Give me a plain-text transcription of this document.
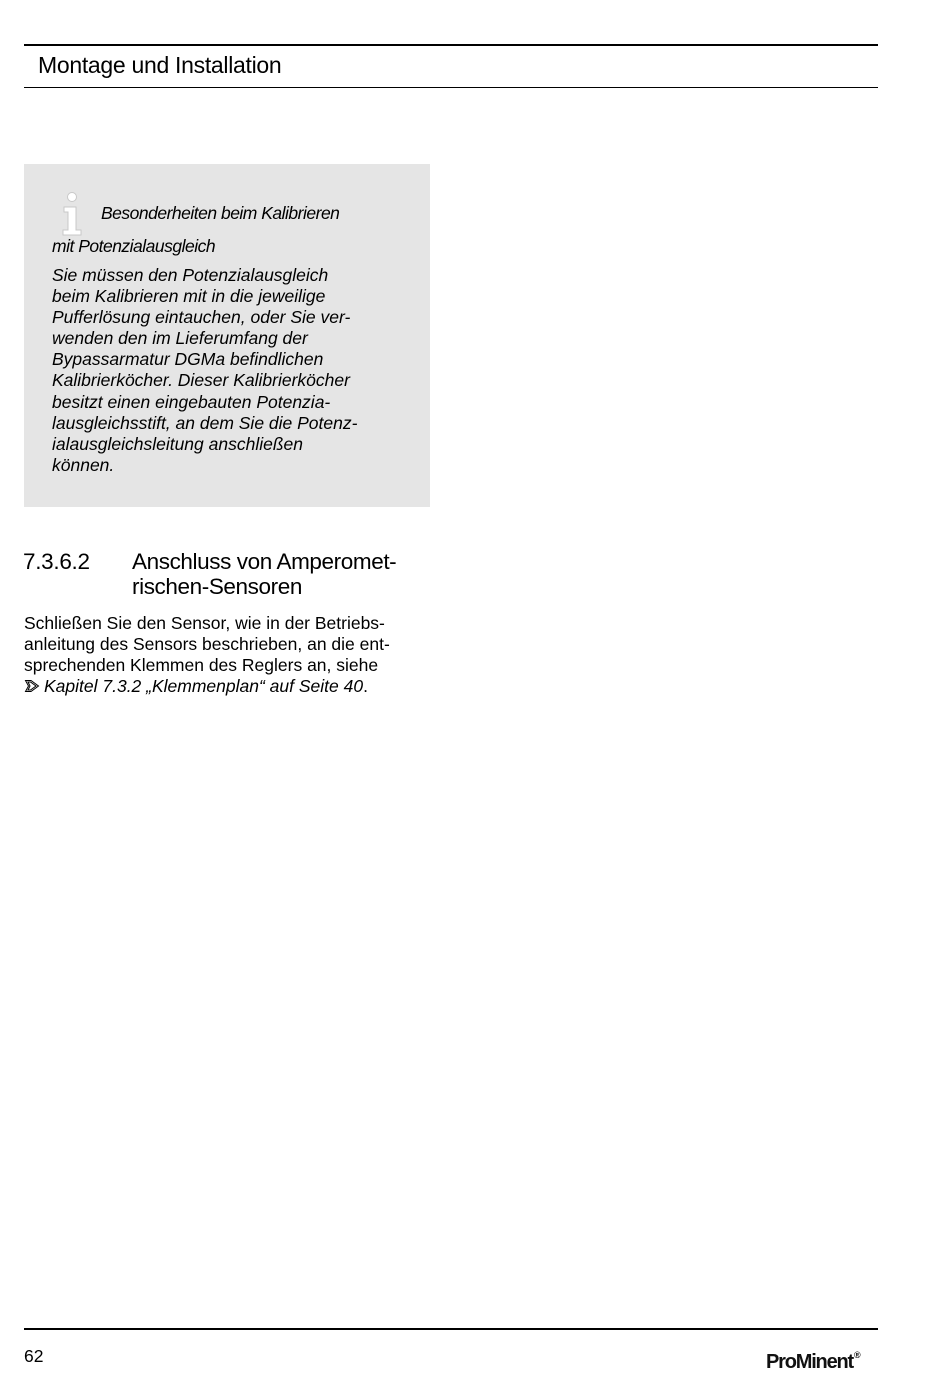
Montage und Installation
Besonderheiten beim Kalibrieren
mit Potenzialausgleich
Sie müssen den Potenzialausgleich
beim Kalibrieren mit in die jeweilige
Pufferlösung eintauchen, oder Sie ver-
wenden den im Lieferumfang der
Bypassarmatur DGMa befindlichen
Kalibrierköcher. Dieser Kalibrierköcher
besitzt einen eingebauten Potenzia-
lausgleichsstift, an dem Sie die Potenz-
ialausgleichsleitung anschließen
können.
7.3.6.2 Anschluss von Amperomet-
rischen-Sensoren
Schließen Sie den Sensor, wie in der Betriebs-
anleitung des Sensors beschrieben, an die ent-
sprechenden Klemmen des Reglers an, siehe
Kapitel 7.3.2 „Klemmenplan“ auf Seite 40.
62	ProMinent®
